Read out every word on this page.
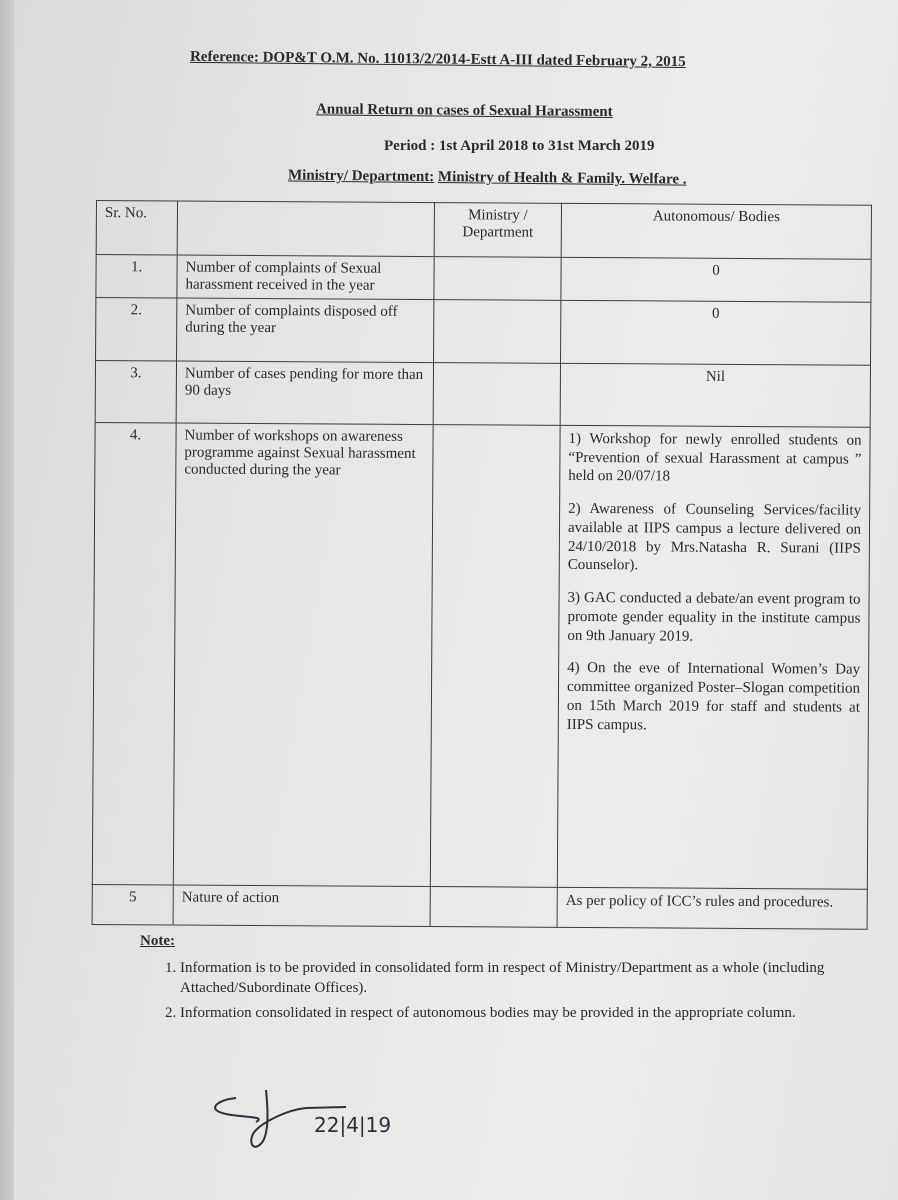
Reference: DOP&T O.M. No. 11013/2/2014-Estt A-III dated February 2, 2015
Annual Return on cases of Sexual Harassment
Period : 1st April 2018 to 31st March 2019
Ministry/ Department: Ministry of Health & Family. Welfare .
Sr. No.		Ministry / Department	Autonomous/ Bodies
1.	Number of complaints of Sexual harassment received in the year		0
2.	Number of complaints disposed off during the year		0
3.	Number of cases pending for more than 90 days		Nil
4.	Number of workshops on awareness programme against Sexual harassment conducted during the year		1) Workshop for newly enrolled students on “Prevention of sexual Harassment at campus ” held on 20/07/18

2) Awareness of Counseling Services/facility available at IIPS campus a lecture delivered on 24/10/2018 by Mrs.Natasha R. Surani (IIPS Counselor).

3) GAC conducted a debate/an event program to promote gender equality in the institute campus on 9th January 2019.

4) On the eve of International Women’s Day committee organized Poster–Slogan competition on 15th March 2019 for staff and students at IIPS campus.

5	Nature of action		As per policy of ICC’s rules and procedures.
Note:
1. Information is to be provided in consolidated form in respect of Ministry/Department as a whole (including Attached/Subordinate Offices).
2. Information consolidated in respect of autonomous bodies may be provided in the appropriate column.
22|4|19
